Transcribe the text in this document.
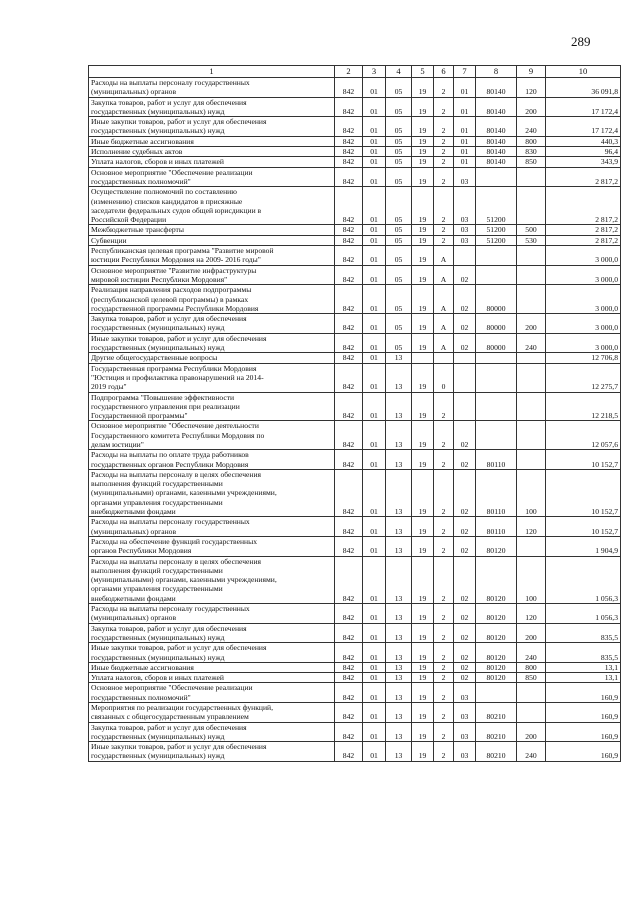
289
1	2	3	4	5	6	7	8	9	10
Расходы на выплаты персоналу государственных
(муниципальных) органов	842	01	05	19	2	01	80140	120	36 091,8
Закупка товаров, работ и услуг для обеспечения
государственных (муниципальных) нужд	842	01	05	19	2	01	80140	200	17 172,4
Иные закупки товаров, работ и услуг для обеспечения
государственных (муниципальных) нужд	842	01	05	19	2	01	80140	240	17 172,4
Иные бюджетные ассигнования	842	01	05	19	2	01	80140	800	440,3
Исполнение судебных актов	842	01	05	19	2	01	80140	830	96,4
Уплата налогов, сборов и иных платежей	842	01	05	19	2	01	80140	850	343,9
Основное мероприятие "Обеспечение реализации
государственных полномочий"	842	01	05	19	2	03			2 817,2
Осуществление полномочий по составлению
(изменению) списков кандидатов в присяжные
заседатели федеральных судов общей юрисдикции в
Российской Федерации	842	01	05	19	2	03	51200		2 817,2
Межбюджетные трансферты	842	01	05	19	2	03	51200	500	2 817,2
Субвенции	842	01	05	19	2	03	51200	530	2 817,2
Республиканская целевая программа "Развитие мировой
юстиции Республики Мордовия на 2009- 2016 годы"	842	01	05	19	А				3 000,0
Основное мероприятие "Развитие инфраструктуры
мировой юстиции Республики Мордовия"	842	01	05	19	А	02			3 000,0
Реализация направления расходов подпрограммы
(республиканской целевой программы) в рамках
государственной программы Республики Мордовия	842	01	05	19	А	02	80000		3 000,0
Закупка товаров, работ и услуг для обеспечения
государственных (муниципальных) нужд	842	01	05	19	А	02	80000	200	3 000,0
Иные закупки товаров, работ и услуг для обеспечения
государственных (муниципальных) нужд	842	01	05	19	А	02	80000	240	3 000,0
Другие общегосударственные вопросы	842	01	13						12 706,8
Государственная программа Республики Мордовия
"Юстиция и профилактика правонарушений на 2014-
2019 годы"	842	01	13	19	0				12 275,7
Подпрограмма "Повышение эффективности
государственного управления при реализации
Государственной программы"	842	01	13	19	2				12 218,5
Основное мероприятие "Обеспечение деятельности
Государственного комитета Республики Мордовия по
делам юстиции"	842	01	13	19	2	02			12 057,6
Расходы на выплаты по оплате труда работников
государственных органов Республики Мордовия	842	01	13	19	2	02	80110		10 152,7
Расходы на выплаты персоналу в целях обеспечения
выполнения функций государственными
(муниципальными) органами, казенными учреждениями,
органами управления государственными
внебюджетными фондами	842	01	13	19	2	02	80110	100	10 152,7
Расходы на выплаты персоналу государственных
(муниципальных) органов	842	01	13	19	2	02	80110	120	10 152,7
Расходы на обеспечение функций государственных
органов Республики Мордовия	842	01	13	19	2	02	80120		1 904,9
Расходы на выплаты персоналу в целях обеспечения
выполнения функций государственными
(муниципальными) органами, казенными учреждениями,
органами управления государственными
внебюджетными фондами	842	01	13	19	2	02	80120	100	1 056,3
Расходы на выплаты персоналу государственных
(муниципальных) органов	842	01	13	19	2	02	80120	120	1 056,3
Закупка товаров, работ и услуг для обеспечения
государственных (муниципальных) нужд	842	01	13	19	2	02	80120	200	835,5
Иные закупки товаров, работ и услуг для обеспечения
государственных (муниципальных) нужд	842	01	13	19	2	02	80120	240	835,5
Иные бюджетные ассигнования	842	01	13	19	2	02	80120	800	13,1
Уплата налогов, сборов и иных платежей	842	01	13	19	2	02	80120	850	13,1
Основное мероприятие "Обеспечение реализации
государственных полномочий"	842	01	13	19	2	03			160,9
Мероприятия по реализации государственных функций,
связанных с общегосударственным управлением	842	01	13	19	2	03	80210		160,9
Закупка товаров, работ и услуг для обеспечения
государственных (муниципальных) нужд	842	01	13	19	2	03	80210	200	160,9
Иные закупки товаров, работ и услуг для обеспечения
государственных (муниципальных) нужд	842	01	13	19	2	03	80210	240	160,9
